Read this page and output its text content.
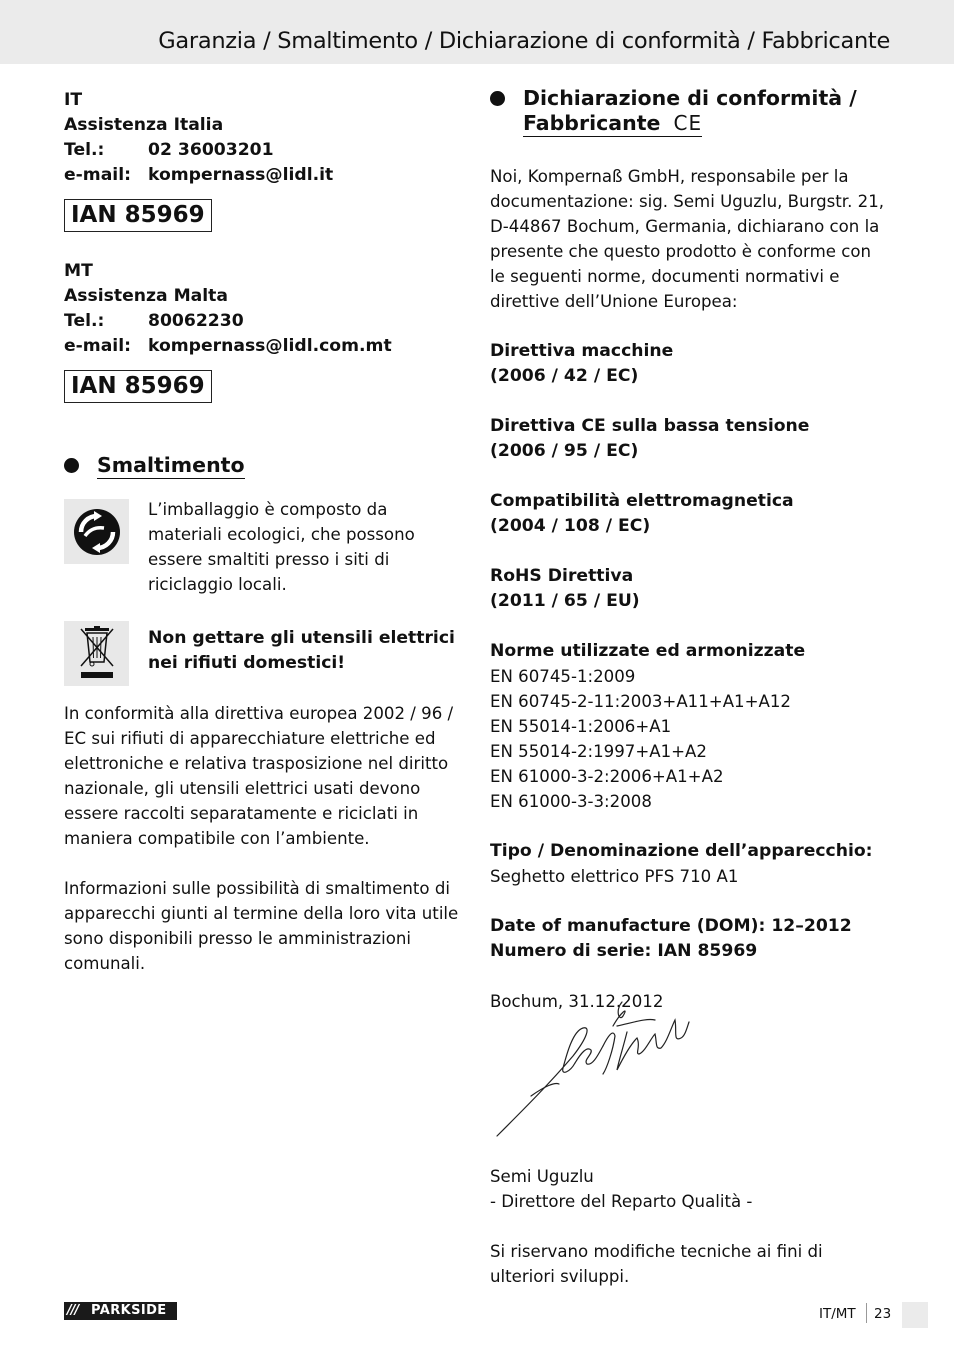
Garanzia / Smaltimento / Dichiarazione di conformità / Fabbricante
IT
Assistenza Italia
Tel.:	02 36003201
e-mail: kompernass@lidl.it
IAN 85969
MT
Assistenza Malta
Tel.:	80062230
e-mail: kompernass@lidl.com.mt
IAN 85969
Smaltimento
L’imballaggio è composto da materiali ecologici, che possono essere smaltiti presso i siti di riciclaggio locali.
Non gettare gli utensili elettrici nei rifiuti domestici!
In conformità alla direttiva europea 2002 / 96 / EC sui rifiuti di apparecchiature elettriche ed elettroniche e relativa trasposizione nel diritto nazionale, gli utensili elettrici usati devono essere raccolti separatamente e riciclati in maniera compatibile con l’ambiente.
Informazioni sulle possibilità di smaltimento di apparecchi giunti al termine della loro vita utile sono disponibili presso le amministrazioni comunali.
Dichiarazione di conformità /
Fabbricante CE
Noi, Kompernaß GmbH, responsabile per la documentazione: sig. Semi Uguzlu, Burgstr. 21, D-44867 Bochum, Germania, dichiarano con la presente che questo prodotto è conforme con le seguenti norme, documenti normativi e direttive dell’Unione Europea:
Direttiva macchine
(2006 / 42 / EC)
Direttiva CE sulla bassa tensione
(2006 / 95 / EC)
Compatibilità elettromagnetica
(2004 / 108 / EC)
RoHS Direttiva
(2011 / 65 / EU)
Norme utilizzate ed armonizzate
EN 60745-1:2009
EN 60745-2-11:2003+A11+A1+A12
EN 55014-1:2006+A1
EN 55014-2:1997+A1+A2
EN 61000-3-2:2006+A1+A2
EN 61000-3-3:2008
Tipo / Denominazione dell’apparecchio:
Seghetto elettrico PFS 710 A1
Date of manufacture (DOM): 12–2012
Numero di serie: IAN 85969
Bochum, 31.12.2012
Semi Uguzlu
- Direttore del Reparto Qualità -
Si riservano modifiche tecniche ai fini di ulteriori sviluppi.
/// PARKSIDE	IT/MT 23
